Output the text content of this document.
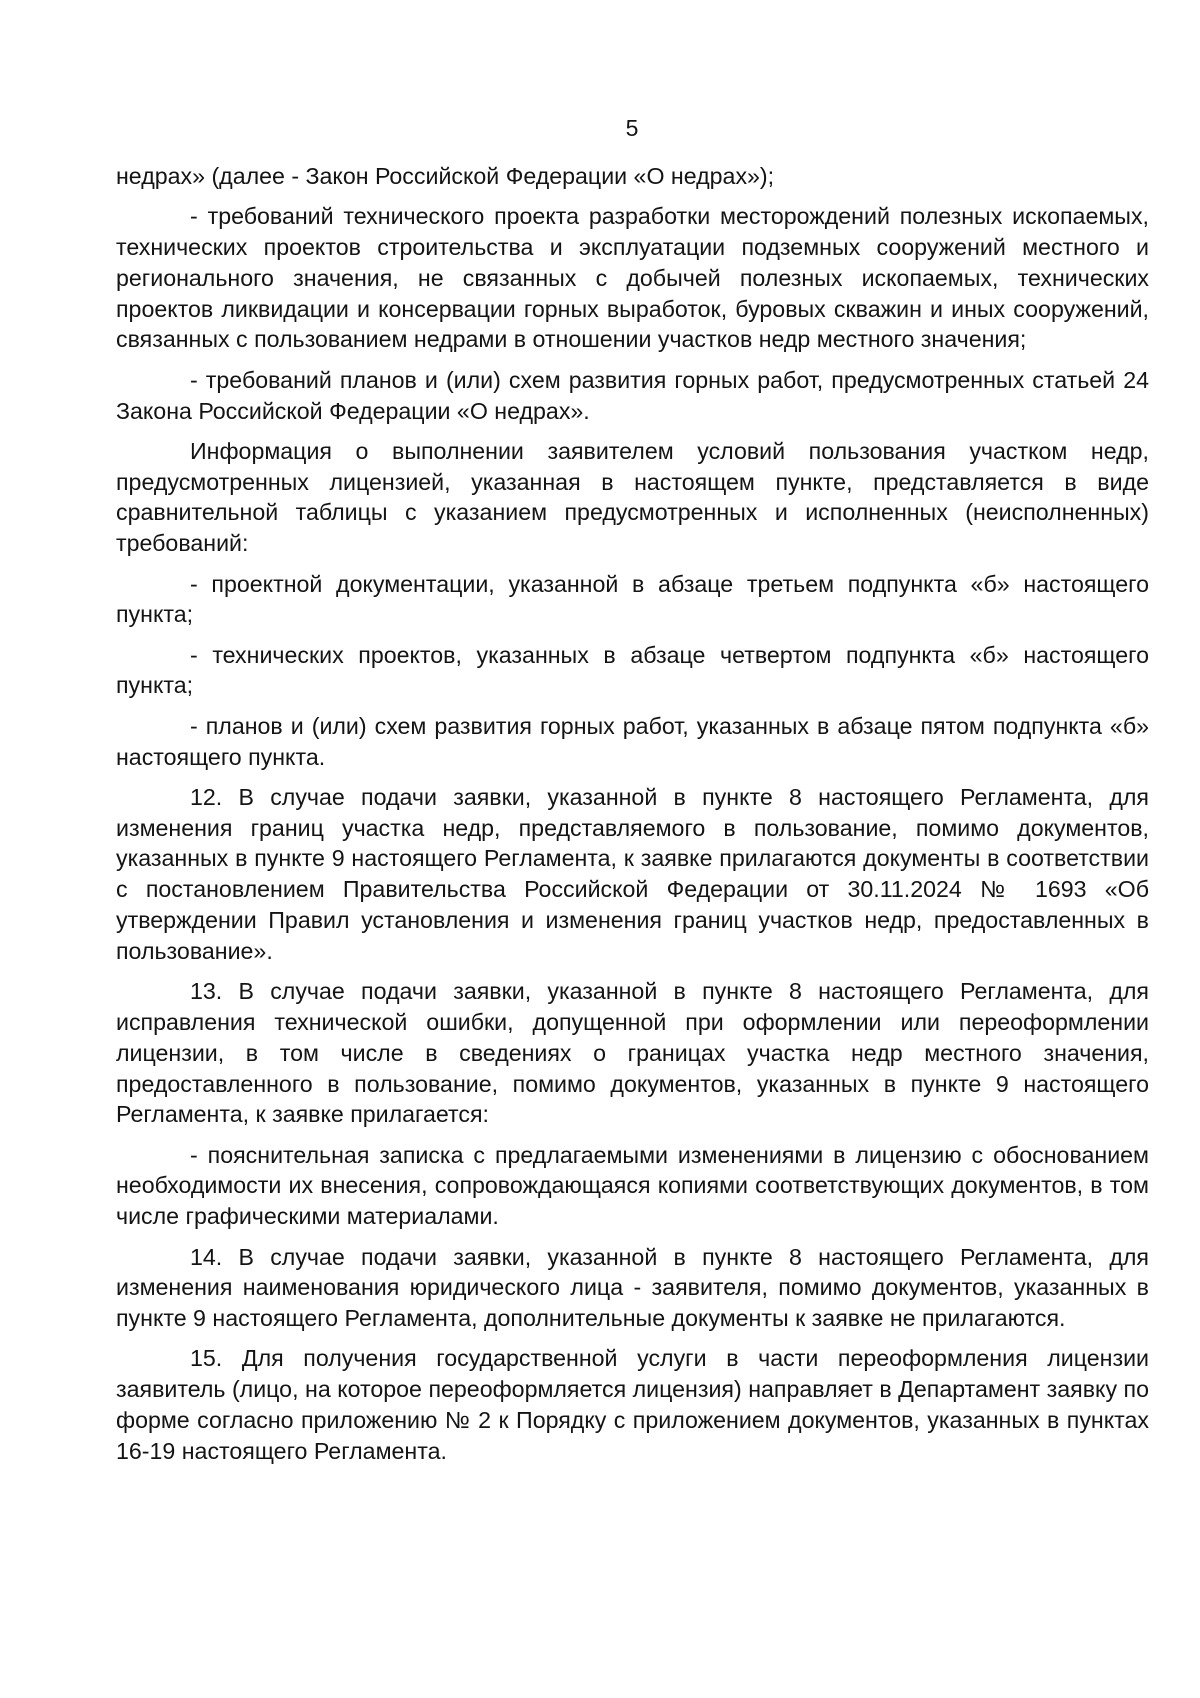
5

недрах» (далее - Закон Российской Федерации «О недрах»);

- требований технического проекта разработки месторождений полезных ископаемых, технических проектов строительства и эксплуатации подземных сооружений местного и регионального значения, не связанных с добычей полезных ископаемых, технических проектов ликвидации и консервации горных выработок, буровых скважин и иных сооружений, связанных с пользованием недрами в отношении участков недр местного значения;

- требований планов и (или) схем развития горных работ, предусмотренных статьей 24 Закона Российской Федерации «О недрах».

Информация о выполнении заявителем условий пользования участком недр, предусмотренных лицензией, указанная в настоящем пункте, представляется в виде сравнительной таблицы с указанием предусмотренных и исполненных (неисполненных) требований:

- проектной документации, указанной в абзаце третьем подпункта «б» настоящего пункта;

- технических проектов, указанных в абзаце четвертом подпункта «б» настоящего пункта;

- планов и (или) схем развития горных работ, указанных в абзаце пятом подпункта «б» настоящего пункта.

12. В случае подачи заявки, указанной в пункте 8 настоящего Регламента, для изменения границ участка недр, представляемого в пользование, помимо документов, указанных в пункте 9 настоящего Регламента, к заявке прилагаются документы в соответствии с постановлением Правительства Российской Федерации от 30.11.2024 № 1693 «Об утверждении Правил установления и изменения границ участков недр, предоставленных в пользование».

13. В случае подачи заявки, указанной в пункте 8 настоящего Регламента, для исправления технической ошибки, допущенной при оформлении или переоформлении лицензии, в том числе в сведениях о границах участка недр местного значения, предоставленного в пользование, помимо документов, указанных в пункте 9 настоящего Регламента, к заявке прилагается:

- пояснительная записка с предлагаемыми изменениями в лицензию с обоснованием необходимости их внесения, сопровождающаяся копиями соответствующих документов, в том числе графическими материалами.

14. В случае подачи заявки, указанной в пункте 8 настоящего Регламента, для изменения наименования юридического лица - заявителя, помимо документов, указанных в пункте 9 настоящего Регламента, дополнительные документы к заявке не прилагаются.

15. Для получения государственной услуги в части переоформления лицензии заявитель (лицо, на которое переоформляется лицензия) направляет в Департамент заявку по форме согласно приложению № 2 к Порядку с приложением документов, указанных в пунктах 16-19 настоящего Регламента.
